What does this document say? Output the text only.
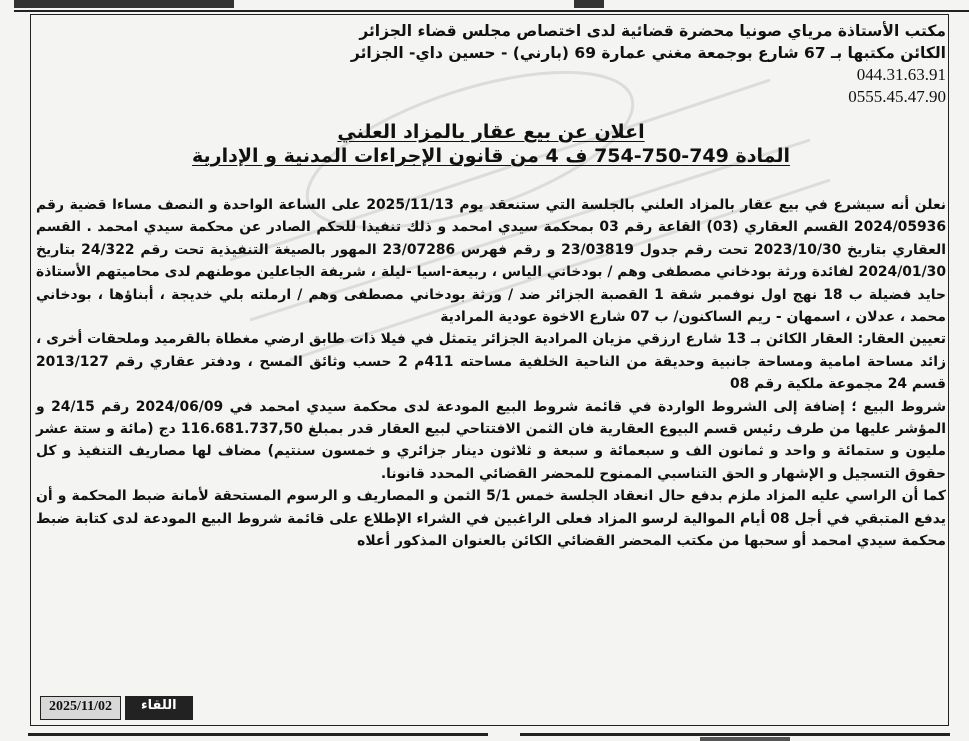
مكتب الأستاذة مرياي صونيا محضرة قضائية لدى اختصاص مجلس قضاء الجزائر
الكائن مكتبها بـ 67 شارع بوجمعة مغني عمارة 69 (بارني) - حسين داي- الجزائر
044.31.63.91
0555.45.47.90
اعلان عن بيع عقار بالمزاد العلني
المادة 749-750-754 ف 4 من قانون الإجراءات المدنية و الإدارية

نعلن أنه سيشرع في بيع عقار بالمزاد العلني بالجلسة التي ستنعقد يوم 2025/11/13 على الساعة الواحدة و النصف مساءا قضية رقم 2024/05936 القسم العقاري (03) القاعة رقم 03 بمحكمة سيدي امحمد و ذلك تنفيذا للحكم الصادر عن محكمة سيدي امحمد . القسم العقاري بتاريخ 2023/10/30 تحت رقم جدول 23/03819 و رقم فهرس 23/07286 المهور بالصيغة التنفيذية تحت رقم 24/322 بتاريخ 2024/01/30 لفائدة ورثة بودخاني مصطفى وهم / بودخاني الياس ، ربيعة-اسيا -ليلة ، شريفة الجاعلين موطنهم لدى محاميتهم الأستاذة حايد فضيلة ب 18 نهج اول نوفمبر شقة 1 القصبة الجزائر ضد / ورثة بودخاني مصطفى وهم / ارملته بلي خديجة ، أبناؤها ، بودخاني محمد ، عدلان ، اسمهان - ريم الساكنون/ ب 07 شارع الاخوة عودية المرادية

تعيين العقار: العقار الكائن بـ 13 شارع ارزقي مزيان المرادية الجزائر يتمثل في فيلا ذات طابق ارضي مغطاة بالقرميد وملحقات أخرى ، زائد مساحة امامية ومساحة جانبية وحديقة من الناحية الخلفية مساحته 411م 2 حسب وثائق المسح ، ودفتر عقاري رقم 2013/127 قسم 24 مجموعة ملكية رقم 08

شروط البيع ؛ إضافة إلى الشروط الواردة في قائمة شروط البيع المودعة لدى محكمة سيدي امحمد في 2024/06/09 رقم 24/15 و المؤشر عليها من طرف رئيس قسم البيوع العقارية فان الثمن الافتتاحي لبيع العقار قدر بمبلغ 116.681.737,50 دج (مائة و ستة عشر مليون و ستمائة و واحد و ثمانون الف و سبعمائة و سبعة و ثلاثون دينار جزائري و خمسون سنتيم) مضاف لها مصاريف التنفيذ و كل حقوق التسجيل و الإشهار و الحق التناسبي الممنوح للمحضر القضائي المحدد قانونا.

كما أن الراسي عليه المزاد ملزم بدفع حال انعقاد الجلسة خمس 5/1 الثمن و المصاريف و الرسوم المستحقة لأمانة ضبط المحكمة و أن يدفع المتبقي في أجل 08 أيام الموالية لرسو المزاد فعلى الراغبين في الشراء الإطلاع على قائمة شروط البيع المودعة لدى كتابة ضبط محكمة سيدي امحمد أو سحبها من مكتب المحضر القضائي الكائن بالعنوان المذكور أعلاه

2025/11/02	اللقاء
